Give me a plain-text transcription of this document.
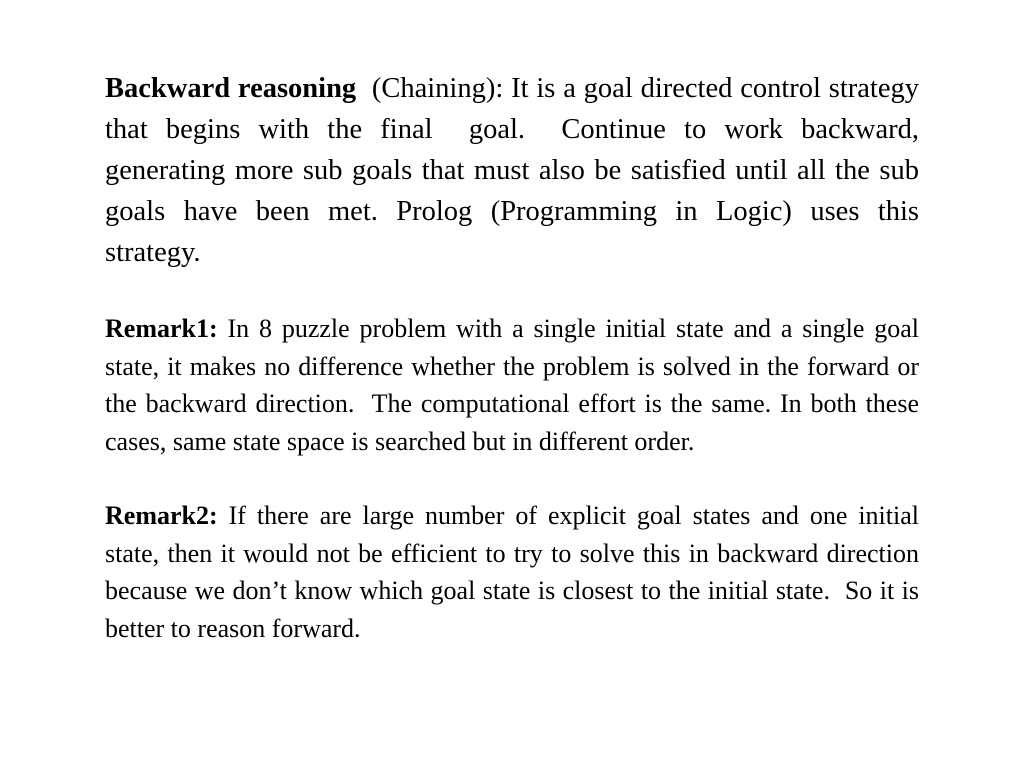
Backward reasoning  (Chaining): It is a goal directed control strategy that begins with the final  goal.  Continue to work backward, generating more sub goals that must also be satisfied until all the sub goals have been met. Prolog (Programming in Logic) uses this strategy.

Remark1: In 8 puzzle problem with a single initial state and a single goal state, it makes no difference whether the problem is solved in the forward or the backward direction.  The computational effort is the same. In both these cases, same state space is searched but in different order.

Remark2: If there are large number of explicit goal states and one initial state, then it would not be efficient to try to solve this in backward direction because we don’t know which goal state is closest to the initial state.  So it is better to reason forward.
